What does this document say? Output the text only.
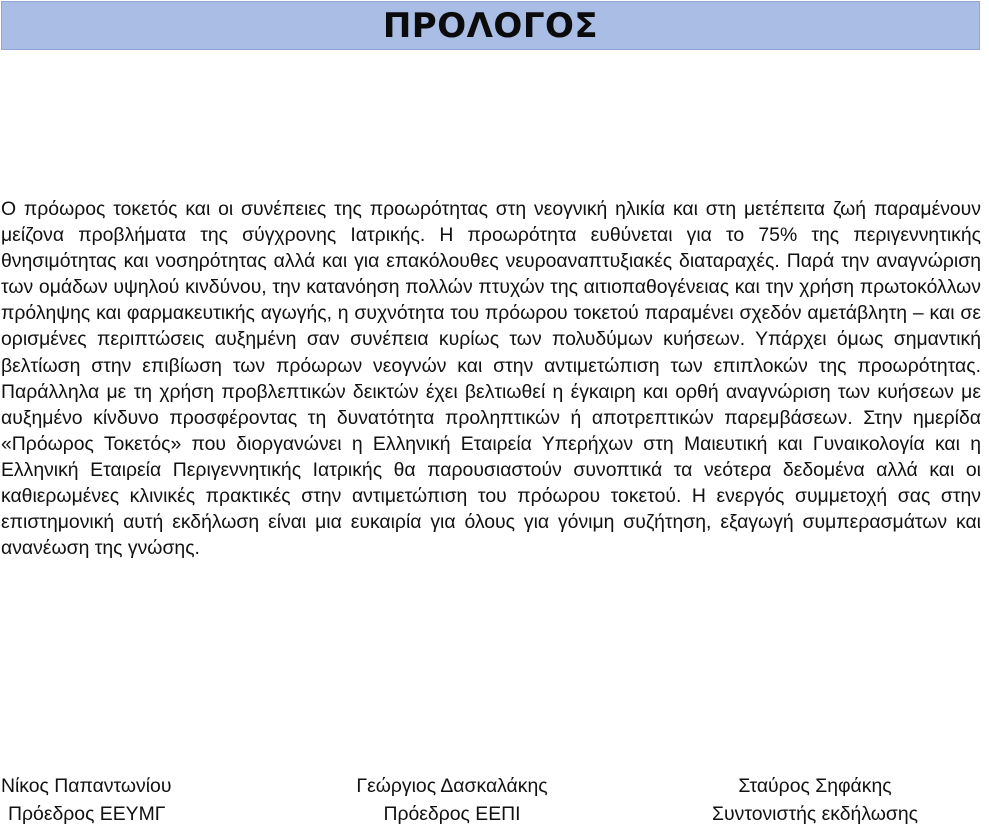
ΠΡΟΛΟΓΟΣ

Ο πρόωρος τοκετός και οι συνέπειες της προωρότητας στη νεογνική ηλικία και στη μετέπειτα ζωή παραμένουν μείζονα προβλήματα της σύγχρονης Ιατρικής. Η προωρότητα ευθύνεται για το 75% της περιγεννητικής θνησιμότητας και νοσηρότητας αλλά και για επακόλουθες νευροαναπτυξιακές διαταραχές. Παρά την αναγνώριση των ομάδων υψηλού κινδύνου, την κατανόηση πολλών πτυχών της αιτιοπαθογένειας και την χρήση πρωτοκόλλων πρόληψης και φαρμακευτικής αγωγής, η συχνότητα του πρόωρου τοκετού παραμένει σχεδόν αμετάβλητη – και σε ορισμένες περιπτώσεις αυξημένη σαν συνέπεια κυρίως των πολυδύμων κυήσεων. Υπάρχει όμως σημαντική βελτίωση στην επιβίωση των πρόωρων νεογνών και στην αντιμετώπιση των επιπλοκών της προωρότητας. Παράλληλα με τη χρήση προβλεπτικών δεικτών έχει βελτιωθεί η έγκαιρη και ορθή αναγνώριση των κυήσεων με αυξημένο κίνδυνο προσφέροντας τη δυνατότητα προληπτικών ή αποτρεπτικών παρεμβάσεων. Στην ημερίδα «Πρόωρος Τοκετός» που διοργανώνει η Ελληνική Εταιρεία Υπερήχων στη Μαιευτική και Γυναικολογία και η Ελληνική Εταιρεία Περιγεννητικής Ιατρικής θα παρουσιαστούν συνοπτικά τα νεότερα δεδομένα αλλά και οι καθιερωμένες κλινικές πρακτικές στην αντιμετώπιση του πρόωρου τοκετού. Η ενεργός συμμετοχή σας στην επιστημονική αυτή εκδήλωση είναι μια ευκαιρία για όλους για γόνιμη συζήτηση, εξαγωγή συμπερασμάτων και ανανέωση της γνώσης.

Νίκος Παπαντωνίου
Πρόεδρος ΕΕΥΜΓ
Γεώργιος Δασκαλάκης
Πρόεδρος ΕΕΠΙ
Σταύρος Σηφάκης
Συντονιστής εκδήλωσης
